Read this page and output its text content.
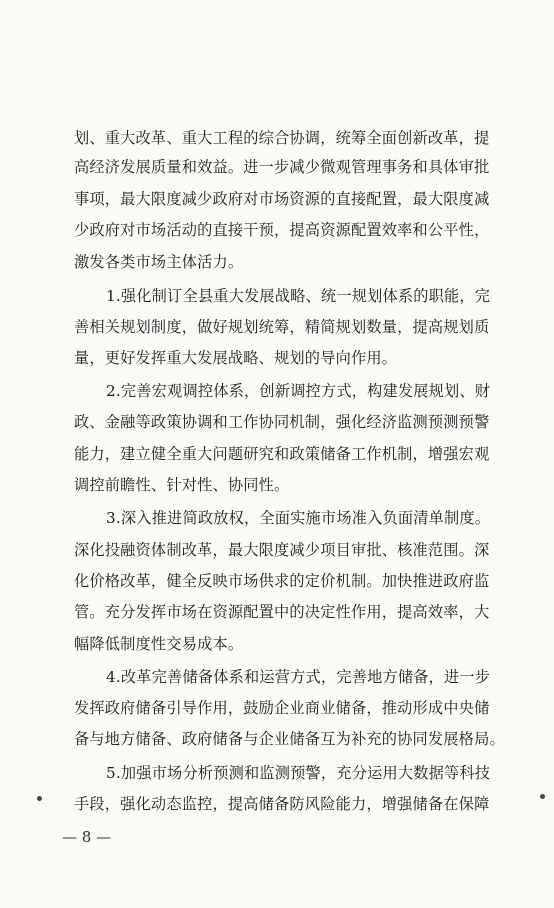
划、重大改革、重大工程的综合协调，统筹全面创新改革，提
高经济发展质量和效益。进一步减少微观管理事务和具体审批
事项，最大限度减少政府对市场资源的直接配置，最大限度减
少政府对市场活动的直接干预，提高资源配置效率和公平性，
激发各类市场主体活力。
1.强化制订全县重大发展战略、统一规划体系的职能，完
善相关规划制度，做好规划统筹，精简规划数量，提高规划质
量，更好发挥重大发展战略、规划的导向作用。
2.完善宏观调控体系，创新调控方式，构建发展规划、财
政、金融等政策协调和工作协同机制，强化经济监测预测预警
能力，建立健全重大问题研究和政策储备工作机制，增强宏观
调控前瞻性、针对性、协同性。
3.深入推进简政放权，全面实施市场准入负面清单制度。
深化投融资体制改革，最大限度减少项目审批、核准范围。深
化价格改革，健全反映市场供求的定价机制。加快推进政府监
管。充分发挥市场在资源配置中的决定性作用，提高效率，大
幅降低制度性交易成本。
4.改革完善储备体系和运营方式，完善地方储备，进一步
发挥政府储备引导作用，鼓励企业商业储备，推动形成中央储
备与地方储备、政府储备与企业储备互为补充的协同发展格局。
5.加强市场分析预测和监测预警，充分运用大数据等科技
手段，强化动态监控，提高储备防风险能力，增强储备在保障
— 8 —
